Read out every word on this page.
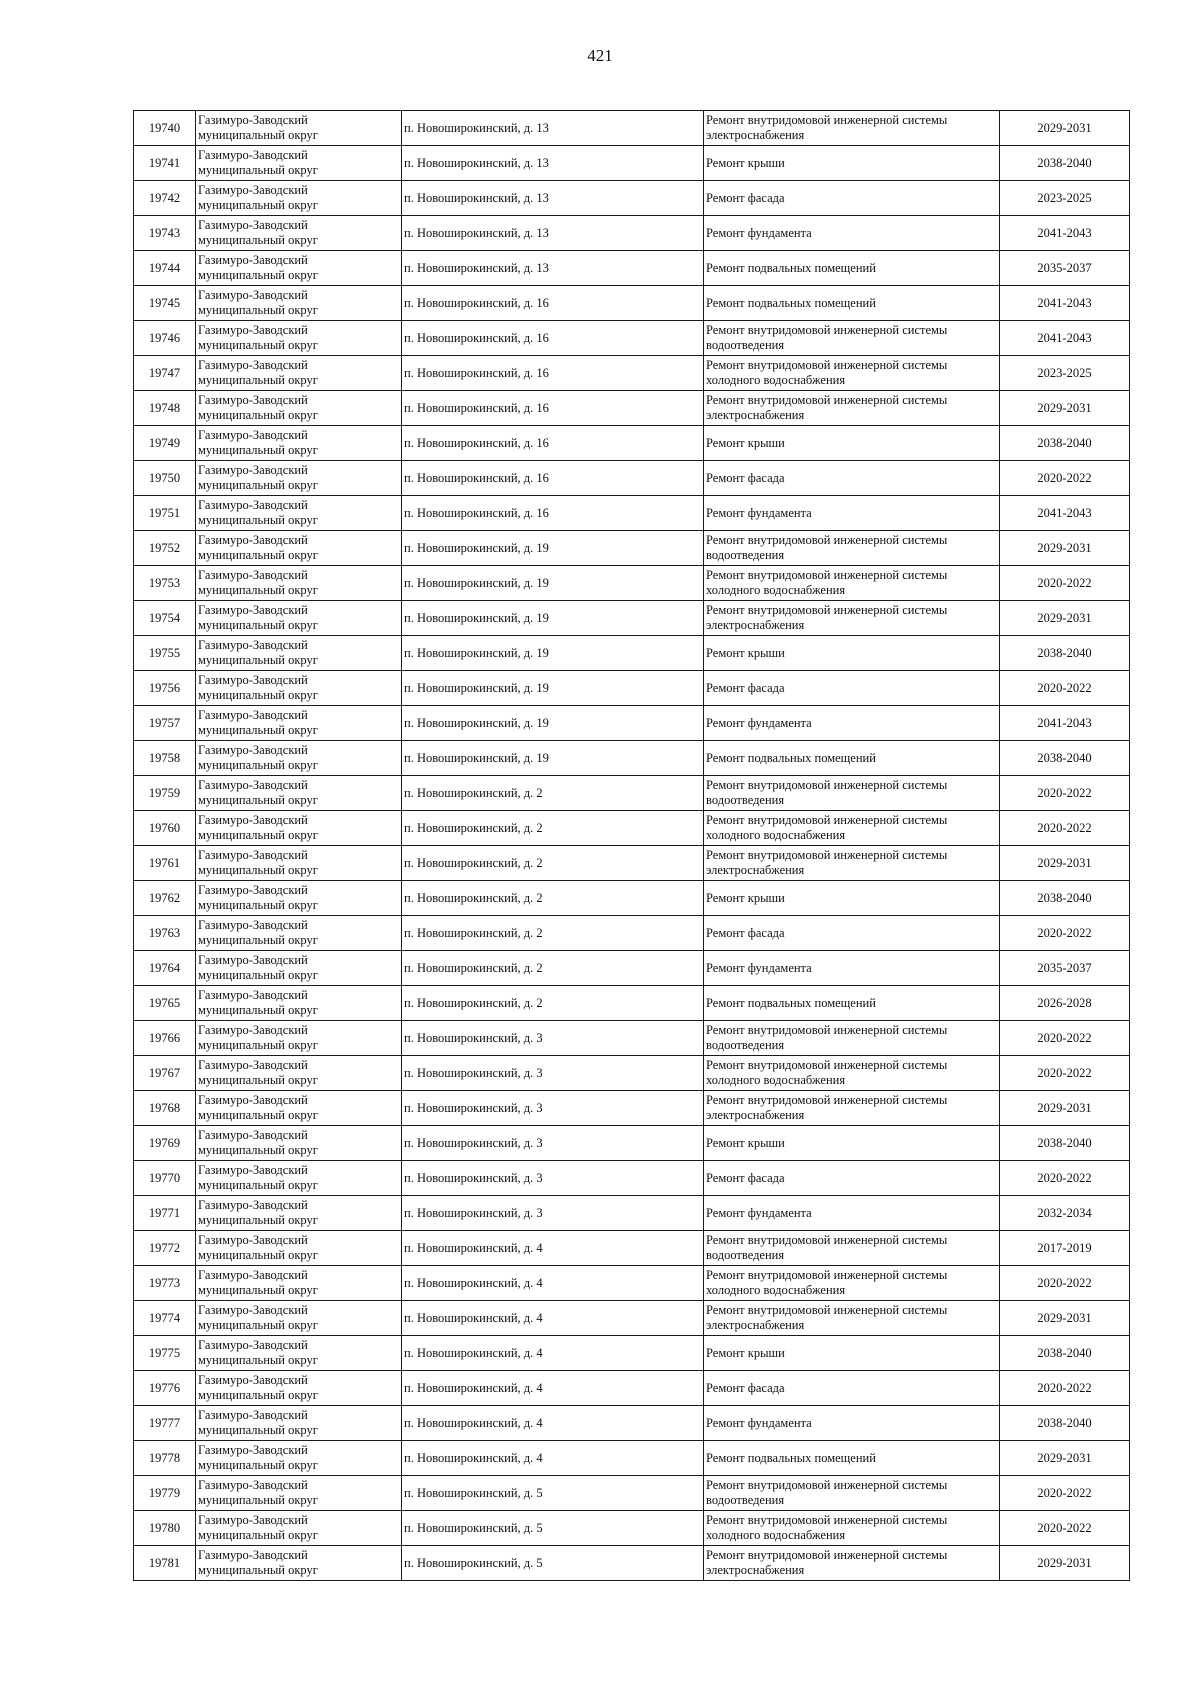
421
19740	Газимуро-Заводский
муниципальный округ	п. Новоширокинский, д. 13	Ремонт внутридомовой инженерной системы
электроснабжения	2029-2031

19741	Газимуро-Заводский
муниципальный округ	п. Новоширокинский, д. 13	Ремонт крыши	2038-2040

19742	Газимуро-Заводский
муниципальный округ	п. Новоширокинский, д. 13	Ремонт фасада	2023-2025

19743	Газимуро-Заводский
муниципальный округ	п. Новоширокинский, д. 13	Ремонт фундамента	2041-2043

19744	Газимуро-Заводский
муниципальный округ	п. Новоширокинский, д. 13	Ремонт подвальных помещений	2035-2037

19745	Газимуро-Заводский
муниципальный округ	п. Новоширокинский, д. 16	Ремонт подвальных помещений	2041-2043

19746	Газимуро-Заводский
муниципальный округ	п. Новоширокинский, д. 16	Ремонт внутридомовой инженерной системы
водоотведения	2041-2043

19747	Газимуро-Заводский
муниципальный округ	п. Новоширокинский, д. 16	Ремонт внутридомовой инженерной системы
холодного водоснабжения	2023-2025

19748	Газимуро-Заводский
муниципальный округ	п. Новоширокинский, д. 16	Ремонт внутридомовой инженерной системы
электроснабжения	2029-2031

19749	Газимуро-Заводский
муниципальный округ	п. Новоширокинский, д. 16	Ремонт крыши	2038-2040

19750	Газимуро-Заводский
муниципальный округ	п. Новоширокинский, д. 16	Ремонт фасада	2020-2022

19751	Газимуро-Заводский
муниципальный округ	п. Новоширокинский, д. 16	Ремонт фундамента	2041-2043

19752	Газимуро-Заводский
муниципальный округ	п. Новоширокинский, д. 19	Ремонт внутридомовой инженерной системы
водоотведения	2029-2031

19753	Газимуро-Заводский
муниципальный округ	п. Новоширокинский, д. 19	Ремонт внутридомовой инженерной системы
холодного водоснабжения	2020-2022

19754	Газимуро-Заводский
муниципальный округ	п. Новоширокинский, д. 19	Ремонт внутридомовой инженерной системы
электроснабжения	2029-2031

19755	Газимуро-Заводский
муниципальный округ	п. Новоширокинский, д. 19	Ремонт крыши	2038-2040

19756	Газимуро-Заводский
муниципальный округ	п. Новоширокинский, д. 19	Ремонт фасада	2020-2022

19757	Газимуро-Заводский
муниципальный округ	п. Новоширокинский, д. 19	Ремонт фундамента	2041-2043

19758	Газимуро-Заводский
муниципальный округ	п. Новоширокинский, д. 19	Ремонт подвальных помещений	2038-2040

19759	Газимуро-Заводский
муниципальный округ	п. Новоширокинский, д. 2	Ремонт внутридомовой инженерной системы
водоотведения	2020-2022

19760	Газимуро-Заводский
муниципальный округ	п. Новоширокинский, д. 2	Ремонт внутридомовой инженерной системы
холодного водоснабжения	2020-2022

19761	Газимуро-Заводский
муниципальный округ	п. Новоширокинский, д. 2	Ремонт внутридомовой инженерной системы
электроснабжения	2029-2031

19762	Газимуро-Заводский
муниципальный округ	п. Новоширокинский, д. 2	Ремонт крыши	2038-2040

19763	Газимуро-Заводский
муниципальный округ	п. Новоширокинский, д. 2	Ремонт фасада	2020-2022

19764	Газимуро-Заводский
муниципальный округ	п. Новоширокинский, д. 2	Ремонт фундамента	2035-2037

19765	Газимуро-Заводский
муниципальный округ	п. Новоширокинский, д. 2	Ремонт подвальных помещений	2026-2028

19766	Газимуро-Заводский
муниципальный округ	п. Новоширокинский, д. 3	Ремонт внутридомовой инженерной системы
водоотведения	2020-2022

19767	Газимуро-Заводский
муниципальный округ	п. Новоширокинский, д. 3	Ремонт внутридомовой инженерной системы
холодного водоснабжения	2020-2022

19768	Газимуро-Заводский
муниципальный округ	п. Новоширокинский, д. 3	Ремонт внутридомовой инженерной системы
электроснабжения	2029-2031

19769	Газимуро-Заводский
муниципальный округ	п. Новоширокинский, д. 3	Ремонт крыши	2038-2040

19770	Газимуро-Заводский
муниципальный округ	п. Новоширокинский, д. 3	Ремонт фасада	2020-2022

19771	Газимуро-Заводский
муниципальный округ	п. Новоширокинский, д. 3	Ремонт фундамента	2032-2034

19772	Газимуро-Заводский
муниципальный округ	п. Новоширокинский, д. 4	Ремонт внутридомовой инженерной системы
водоотведения	2017-2019

19773	Газимуро-Заводский
муниципальный округ	п. Новоширокинский, д. 4	Ремонт внутридомовой инженерной системы
холодного водоснабжения	2020-2022

19774	Газимуро-Заводский
муниципальный округ	п. Новоширокинский, д. 4	Ремонт внутридомовой инженерной системы
электроснабжения	2029-2031

19775	Газимуро-Заводский
муниципальный округ	п. Новоширокинский, д. 4	Ремонт крыши	2038-2040

19776	Газимуро-Заводский
муниципальный округ	п. Новоширокинский, д. 4	Ремонт фасада	2020-2022

19777	Газимуро-Заводский
муниципальный округ	п. Новоширокинский, д. 4	Ремонт фундамента	2038-2040

19778	Газимуро-Заводский
муниципальный округ	п. Новоширокинский, д. 4	Ремонт подвальных помещений	2029-2031

19779	Газимуро-Заводский
муниципальный округ	п. Новоширокинский, д. 5	Ремонт внутридомовой инженерной системы
водоотведения	2020-2022

19780	Газимуро-Заводский
муниципальный округ	п. Новоширокинский, д. 5	Ремонт внутридомовой инженерной системы
холодного водоснабжения	2020-2022

19781	Газимуро-Заводский
муниципальный округ	п. Новоширокинский, д. 5	Ремонт внутридомовой инженерной системы
электроснабжения	2029-2031
